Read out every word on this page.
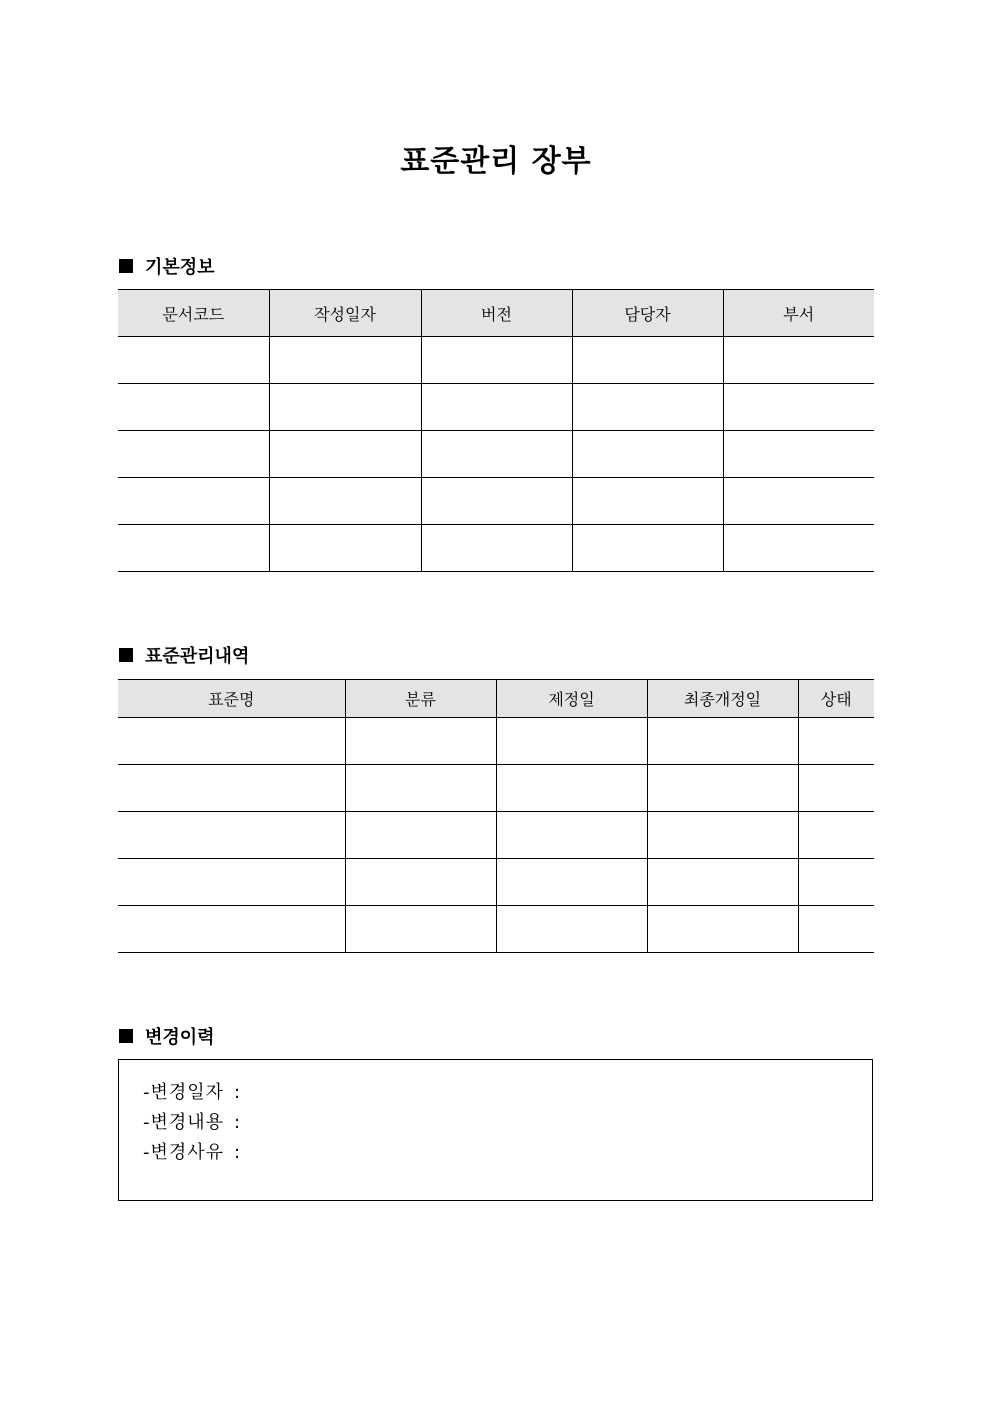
표준관리 장부
기본정보
문서코드	작성일자	버전	담당자	부서

표준관리내역
표준명	분류	제정일	최종개정일	상태

변경이력
-변경일자 :
-변경내용 :
-변경사유 :
